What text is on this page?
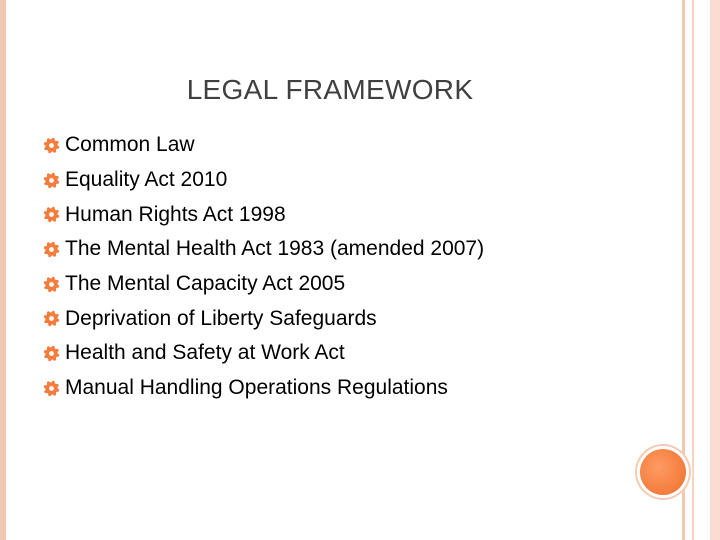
LEGAL FRAMEWORK
Common Law
Equality Act 2010
Human Rights Act 1998
The Mental Health Act 1983 (amended 2007)
The Mental Capacity Act 2005
Deprivation of Liberty Safeguards
Health and Safety at Work Act
Manual Handling Operations Regulations
